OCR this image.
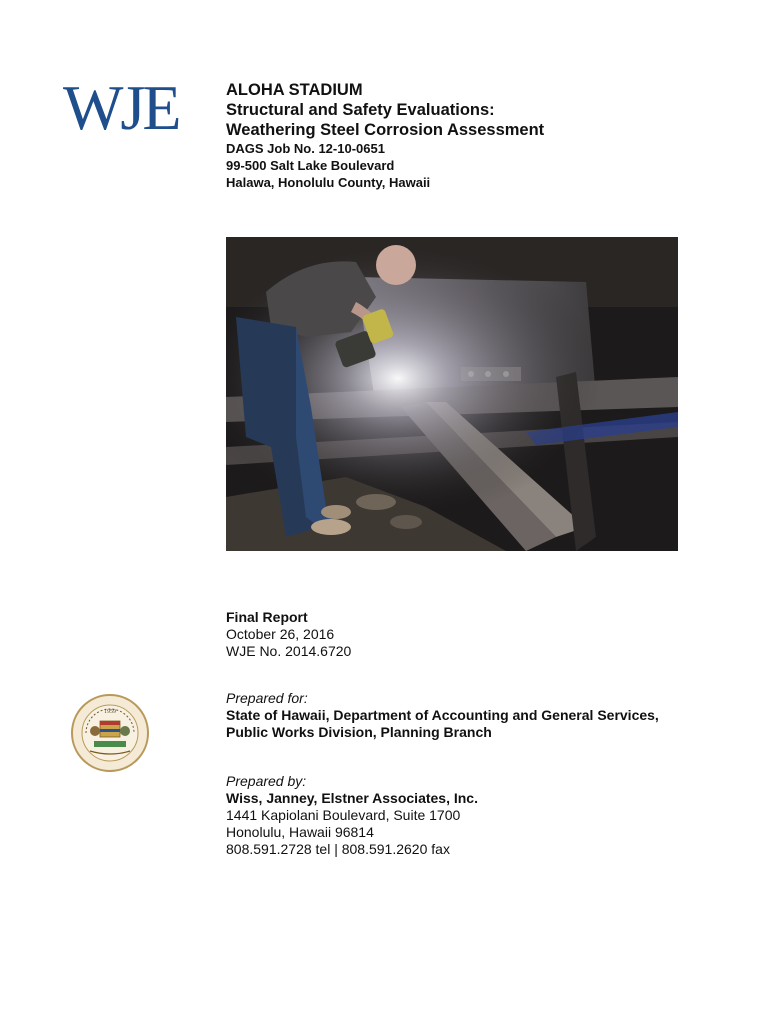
WJE	ALOHA STADIUM

Structural and Safety Evaluations:

Weathering Steel Corrosion Assessment

DAGS Job No. 12-10-0651

99-500 Salt Lake Boulevard

Halawa, Honolulu County, Hawaii

Final Report
October 26, 2016
WJE No. 2014.6720
1959
Prepared for:
State of Hawaii, Department of Accounting and General Services,
Public Works Division, Planning Branch
Prepared by:
Wiss, Janney, Elstner Associates, Inc.
1441 Kapiolani Boulevard, Suite 1700
Honolulu, Hawaii 96814
808.591.2728 tel | 808.591.2620 fax
